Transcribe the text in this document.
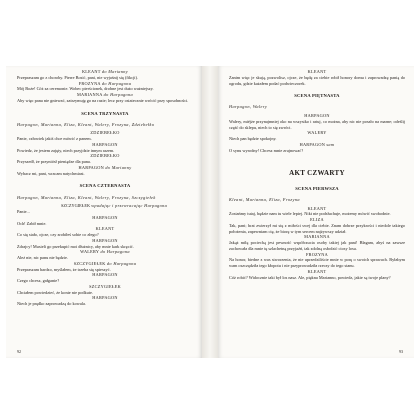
KLEANT do Marianny

Przepraszam go z choroby. Pierre Bosić, pani, nie wyjaśnij się (fikcji).

FROZYNA do Harpagona

Mój Boże! Cóż za ceremonie. Wobec pierścionek, drobne jest dużo ważniejszy.

MARIANNA do Harpagona

Aby więc pana nie gniewać, zatrzymuję go na razie; lecz przy ostatecznie wrócić przy sposobności.

SCENA TRZYNASTA

Harpagon, Marianna, Eliza, Kleant, Walery, Frozyna, Zdziebełko

ZDZIEBEŁKO

Panie, człowiek jakiś chce mówić z panem.

HARPAGON

Powiedz, że jestem zajęty, niech przyjdzie innym razem.

ZDZIEBEŁKO

Przyszedł, że przyniósł pieniądze dla pana.

HARPAGON do Marianny

Wybacz mi, pani, wracam natychmiast.

SCENA CZTERNASTA

Harpagon, Marianna, Eliza, Kleant, Walery, Frozyna, Szczygiełek

SZCZYGIEŁEK wpadając i przewracając Harpagona

Panie...

HARPAGON

Och! Zabił mnie.

KLEANT

Co się stało, ojcze, czy zrobiłeś sobie co złego?

HARPAGON

Zdrajcy! Musieli go przekupić moi dłużnicy, aby mnie kark skręcić.

WALERY do Harpagona

Ależ nie, nic panu nie będzie.

SZCZYGIEŁEK do Harpagona

Przepraszam bardzo, myślałem, że trzeba się spieszyć.

HARPAGON

Czego chcesz, gałganie?

SZCZYGIEŁEK

Chciałem powiedzieć, że konie nie podkute.

HARPAGON

Niech je prędko zaprowadzą do kowala.

92

KLEANT

Zanim więc je skują, pozwolisz, ojcze, że będę za ciebie robił honory domu i zaprowadzę panią do ogrodu, gdzie każałem podać podwieczorek.

SCENA PIĘTNASTA

Harpagon, Walery

HARPAGON

Walery, miéjże przynajmniej oko na wszystko i ratuj, co można, aby nic nie poszło na marne; odeślij część do sklepu, niech to się zwróci.

WALERY

Niech pan będzie spokojny.

HARPAGON sam

O synu wyrodny! Chcesz mnie zrujnować?

AKT CZWARTY

SCENA PIERWSZA

Kleant, Marianna, Eliza, Frozyna

KLEANT

Zostańmy tutaj, będzie nam tu wiele lepiej. Nikt nie podsłuchuje, możemy mówić swobodnie.

ELIZA

Tak, pani; brat zwierzył mi się z miłości swej dla ciebie. Znam dobrze przykrości i niedole takiego położenia, zapewniam cię, że biorę w tym sercem najżywszy udział.

MARIANNA

Jakąż miłą pociechą jest pewność współczucia osoby takiej jak pani! Błagam, abyś na zawsze zachowała dla mnie tę szlachetną przyjaźń, tak zdolną osłodzić ciosy losu.

FROZYNA

Na honor, biedne z was stworzenia, że nie uprzedziliście mnie w porę o swoich sprawach. Byłabym wam oszczędziła tego kłopotu i nie przyprowadziła rzeczy do tego stanu.

KLEANT

Cóż robić? Widocznie taki był los nasz. Ale, piękna Marianno, powiedz, jakie są twoje plany?

93
